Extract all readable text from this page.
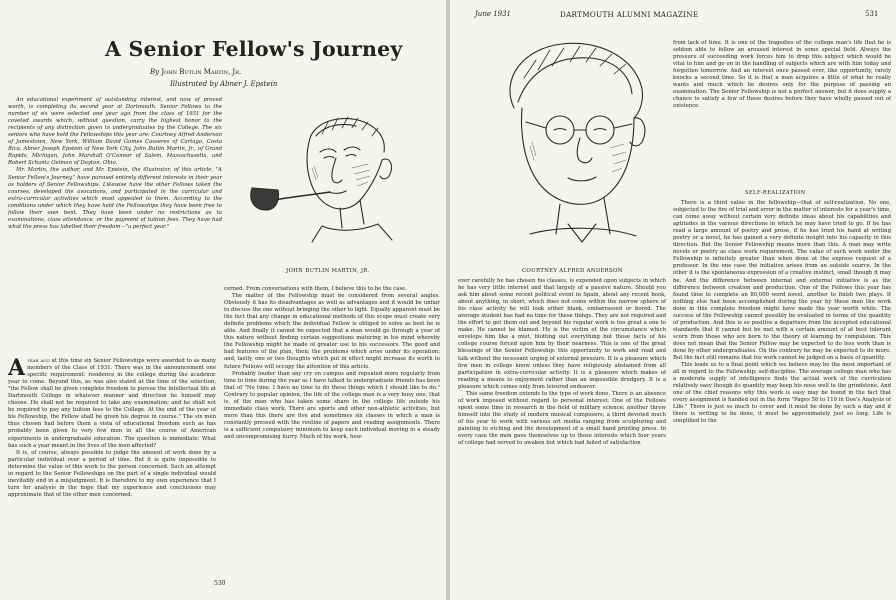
A Senior Fellow's Journey
By John Butlin Martin, Jr.
Illustrated by Abner J. Epstein

An educational experiment of outstanding interest, and now of proved worth, is completing its second year at Dartmouth. Senior Fellows to the number of six were selected one year ago from the class of 1931 for the coveted awards which, without question, carry the highest honor to the recipients of any distinction given to undergraduates by the College. The six seniors who have held the Fellowships this year are: Courtney Alfred Anderson of Jamestown, New York, William David Gomes Casseres of Cartago, Costa Rica, Abner Joseph Epstein of New York City, John Butlin Martin, Jr., of Grand Rapids, Michigan, John Marshall O'Connor of Salem, Massachusetts, and Robert Schantz Oelman of Dayton, Ohio.

Mr. Martin, the author, and Mr. Epstein, the illustrator, of this article, "A Senior Fellow's Journey," have pursued entirely different interests in their year as holders of Senior Fellowships. Likewise have the other Fellows taken the courses, developed the avocations, and participated in the curricular and extra-curricular activities which most appealed to them. According to the conditions under which they have held the Fellowships they have been free to follow their own bent. They have been under no restrictions as to examinations, class attendance, or the payment of tuition fees. They have had what the press has labelled their freedom—"a perfect year."

JOHN BUTLIN MARTIN, JR.

Ayear ago at this time six Senior Fellowships were awarded to as many members of the Class of 1931. There was in the announcement one specific requirement: residence in the college during the academic year to come. Beyond this, as was also stated at the time of the selection, "the Fellow shall be given complete freedom to pursue the intellectual life at Dartmouth College in whatever manner and direction he himself may choose. He shall not be required to take any examination; and he shall not be required to pay any tuition fees to the College. At the end of the year of his Fellowship, the Fellow shall be given his degree in course." The six men thus chosen had before them a vista of educational freedom such as has probably been given to very few men in all the course of American experiments in undergraduate education. The question is immediate: What has such a year meant in the lives of the men affected?

It is, of course, always possible to judge the amount of work done by a particular individual over a period of time. But it is quite impossible to determine the value of this work to the person concerned. Such an attempt in regard to the Senior Fellowships on the part of a single individual would inevitably end in a misjudgment. It is therefore to my own experience that I turn for analysis in the hope that my experience and conclusions may approximate that of the other men concerned.

cerned. From conversations with them, I believe this to be the case.

The matter of the Fellowship must be considered from several angles. Obviously it has its disadvantages as well as advantages and it would be unfair to discuss the one without bringing the other to light. Equally apparent must be the fact that any change in educational methods of this scope must create very definite problems which the individual Fellow is obliged to solve as best he is able. And finally it cannot be expected that a man would go through a year of this nature without finding certain suggestions maturing in his mind whereby the Fellowship might be made of greater use to his successors. The good and bad features of the plan, then; the problems which arise under its operation; and, lastly, one or two thoughts which put in effect might increase its worth to future Fellows will occupy the attention of this article.

Probably louder than any cry on campus and repeated more regularly from time to time during the year as I have talked to undergraduate friends has been that of "No time. I have no time to do these things which I should like to do." Contrary to popular opinion, the life of the college man is a very busy one, that is, of the man who has taken some share in the college life outside his immediate class work. There are sports and other non-athletic activities, but more than this there are five and sometimes six classes in which a man is constantly pressed with the routine of papers and reading assignments. There is a sufficient compulsory minimum to keep each individual moving in a steady and uncompromising hurry. Much of his work, how-

530
June 1931	DARTMOUTH ALUMNI MAGAZINE	531
COURTNEY ALFRED ANDERSON

from lack of time. It is one of the tragedies of the college man's life that he is seldom able to follow an aroused interest in some special field. Always the pressure of succeeding work forces him to drop this subject which would be vital to him and go on in the handling of subjects which are with him today and forgotten tomorrow. And an interest once passed over, like opportunity, rarely knocks a second time. So it is that a man acquires a little of what he really wants and much which he desires only for the purpose of passing an examination. The Senior Fellowship is not a perfect answer, but it does supply a chance to satisfy a few of these desires before they have wholly passed out of existence.

SELF-REALIZATION

There is a third value in the fellowship—that of self-realization. No one, subjected to the fire of trial and error in the matter of interests for a year's time, can come away without certain very definite ideas about his capabilities and aptitudes in the various directions in which he may have tried to go. If he has read a large amount of poetry and prose, if he has tried his hand at writing poetry or a novel, he has gained a very definite insight into his capacity in this direction. But the Senior Fellowship means more than this. A man may write novels or poetry as class work requirement. The value of such work under the Fellowship is infinitely greater than when done at the express request of a professor. In the one case the initiative arises from an outside source. In the other it is the spontaneous expression of a creative instinct, small though it may be. And the difference between internal and external initiative is as the difference between creation and production. One of the Fellows this year has found time to complete an 80,000 word novel, another to finish two plays. If nothing else had been accomplished during the year by these men the work done in this complete freedom might have made the year worth while. The success of the Fellowship cannot possibly be evaluated in terms of the quantity of production. And this is so positive a departure from the accepted educational standards that it cannot but be met with a certain amount of at best tolerant scorn from those who are born to the theory of learning by compulsion. This does not mean that the Senior Fellow may be expected to do less work than is done by other undergraduates. On the contrary he may be expected to do more. But the fact still remains that his work cannot be judged on a basis of quantity.

This leads us to a final point which we believe may be the most important of all in regard to the Fellowship; self-discipline. The average college man who has a moderate supply of intelligence finds the actual work of the curriculum relatively easy though its quantity may keep his nose well to the grindstone. And one of the chief reasons why this work is easy may be found in the fact that every assignment is handed out in the form "Pages 58 to 110 in Doe's Analysis of Life." There is just so much to cover and it must be done by such a day and if there is writing to be done, it must be approximately just so long. Life is simplified to the

ever carefully he has chosen his classes, is expended upon subjects in which he has very little interest and that largely of a passive nature. Should you ask him about some recent political event in Spain, about any recent book, about anything, in short, which does not come within the narrow sphere of his class activity he will look either blank, embarrassed or bored. The average student has had no time for these things. They are not required and the effort to get them out and beyond his regular work is too great a one to make. He cannot be blamed. He is the victim of the circumstance which envelops him like a mist, blotting out everything but those facts of his college course forced upon him by their nearness. This is one of the great blessings of the Senior Fellowship: this opportunity to work and read and talk without the incessant urging of external pressure. It is a pleasure which few men in college know unless they have religiously abstained from all participation in extra-curricular activity. It is a pleasure which makes of reading a means to enjoyment rather than an impossible drudgery. It is a pleasure which comes only from leisured endeavor.

This same freedom extends to the type of work done. There is an absence of work imposed without regard to personal interest. One of the Fellows spent some time in research in the field of military science; another threw himself into the study of modern musical composers; a third devoted much of his year to work with various art media ranging from sculpturing and painting to etching and the development of a small hand printing press. In every case the men gave themselves up to those interests which four years of college had served to awaken but which had failed of satisfaction
